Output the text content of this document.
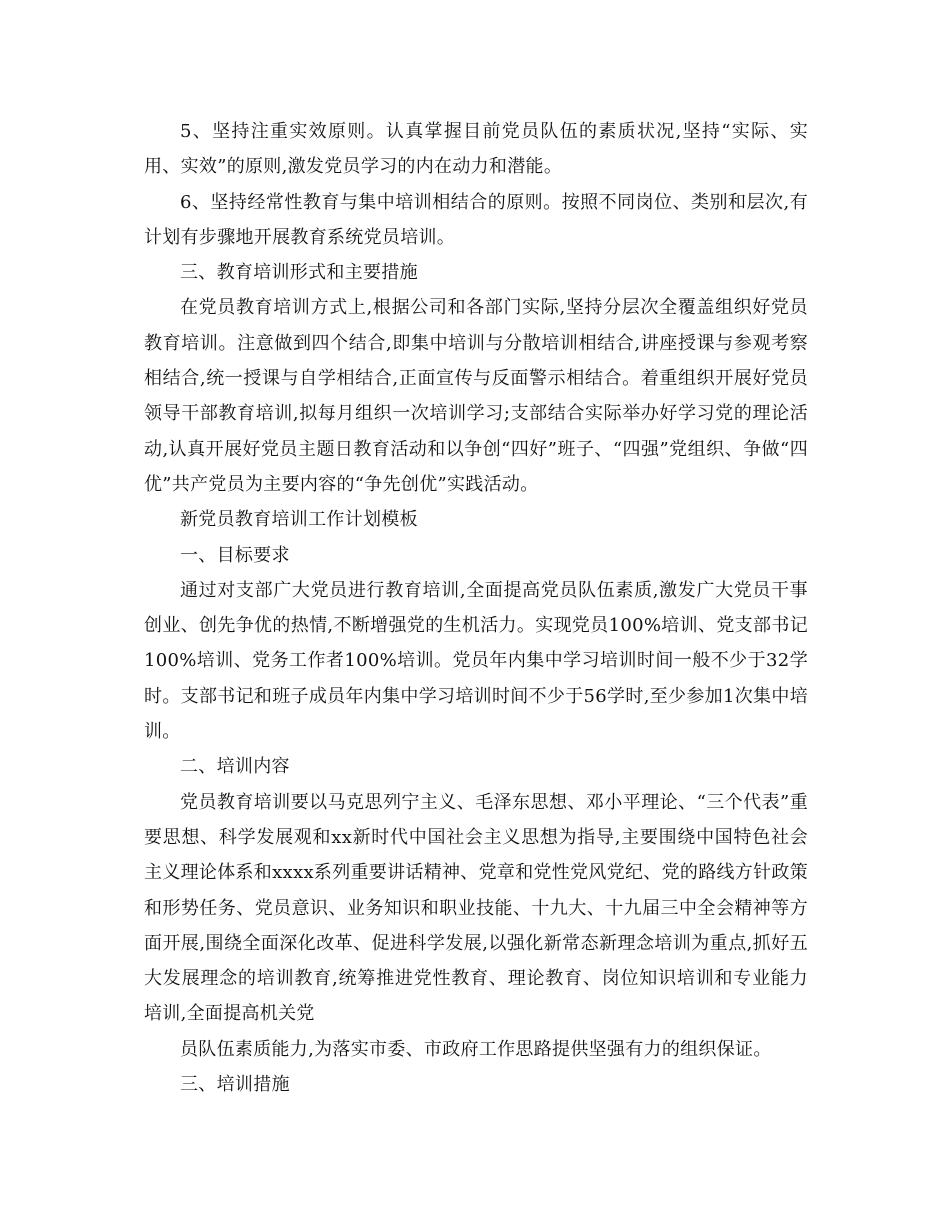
5、坚持注重实效原则。认真掌握目前党员队伍的素质状况,坚持“实际、实用、实效”的原则,激发党员学习的内在动力和潜能。

6、坚持经常性教育与集中培训相结合的原则。按照不同岗位、类别和层次,有计划有步骤地开展教育系统党员培训。

三、教育培训形式和主要措施

在党员教育培训方式上,根据公司和各部门实际,坚持分层次全覆盖组织好党员教育培训。注意做到四个结合,即集中培训与分散培训相结合,讲座授课与参观考察相结合,统一授课与自学相结合,正面宣传与反面警示相结合。着重组织开展好党员领导干部教育培训,拟每月组织一次培训学习;支部结合实际举办好学习党的理论活动,认真开展好党员主题日教育活动和以争创“四好”班子、“四强”党组织、争做“四优”共产党员为主要内容的“争先创优”实践活动。

新党员教育培训工作计划模板

一、目标要求

通过对支部广大党员进行教育培训,全面提高党员队伍素质,激发广大党员干事创业、创先争优的热情,不断增强党的生机活力。实现党员100%培训、党支部书记100%培训、党务工作者100%培训。党员年内集中学习培训时间一般不少于32学时。支部书记和班子成员年内集中学习培训时间不少于56学时,至少参加1次集中培训。

二、培训内容

党员教育培训要以马克思列宁主义、毛泽东思想、邓小平理论、“三个代表”重要思想、科学发展观和xx新时代中国社会主义思想为指导,主要围绕中国特色社会主义理论体系和xxxx系列重要讲话精神、党章和党性党风党纪、党的路线方针政策和形势任务、党员意识、业务知识和职业技能、十九大、十九届三中全会精神等方面开展,围绕全面深化改革、促进科学发展,以强化新常态新理念培训为重点,抓好五大发展理念的培训教育,统筹推进党性教育、理论教育、岗位知识培训和专业能力培训,全面提高机关党

员队伍素质能力,为落实市委、市政府工作思路提供坚强有力的组织保证。

三、培训措施
